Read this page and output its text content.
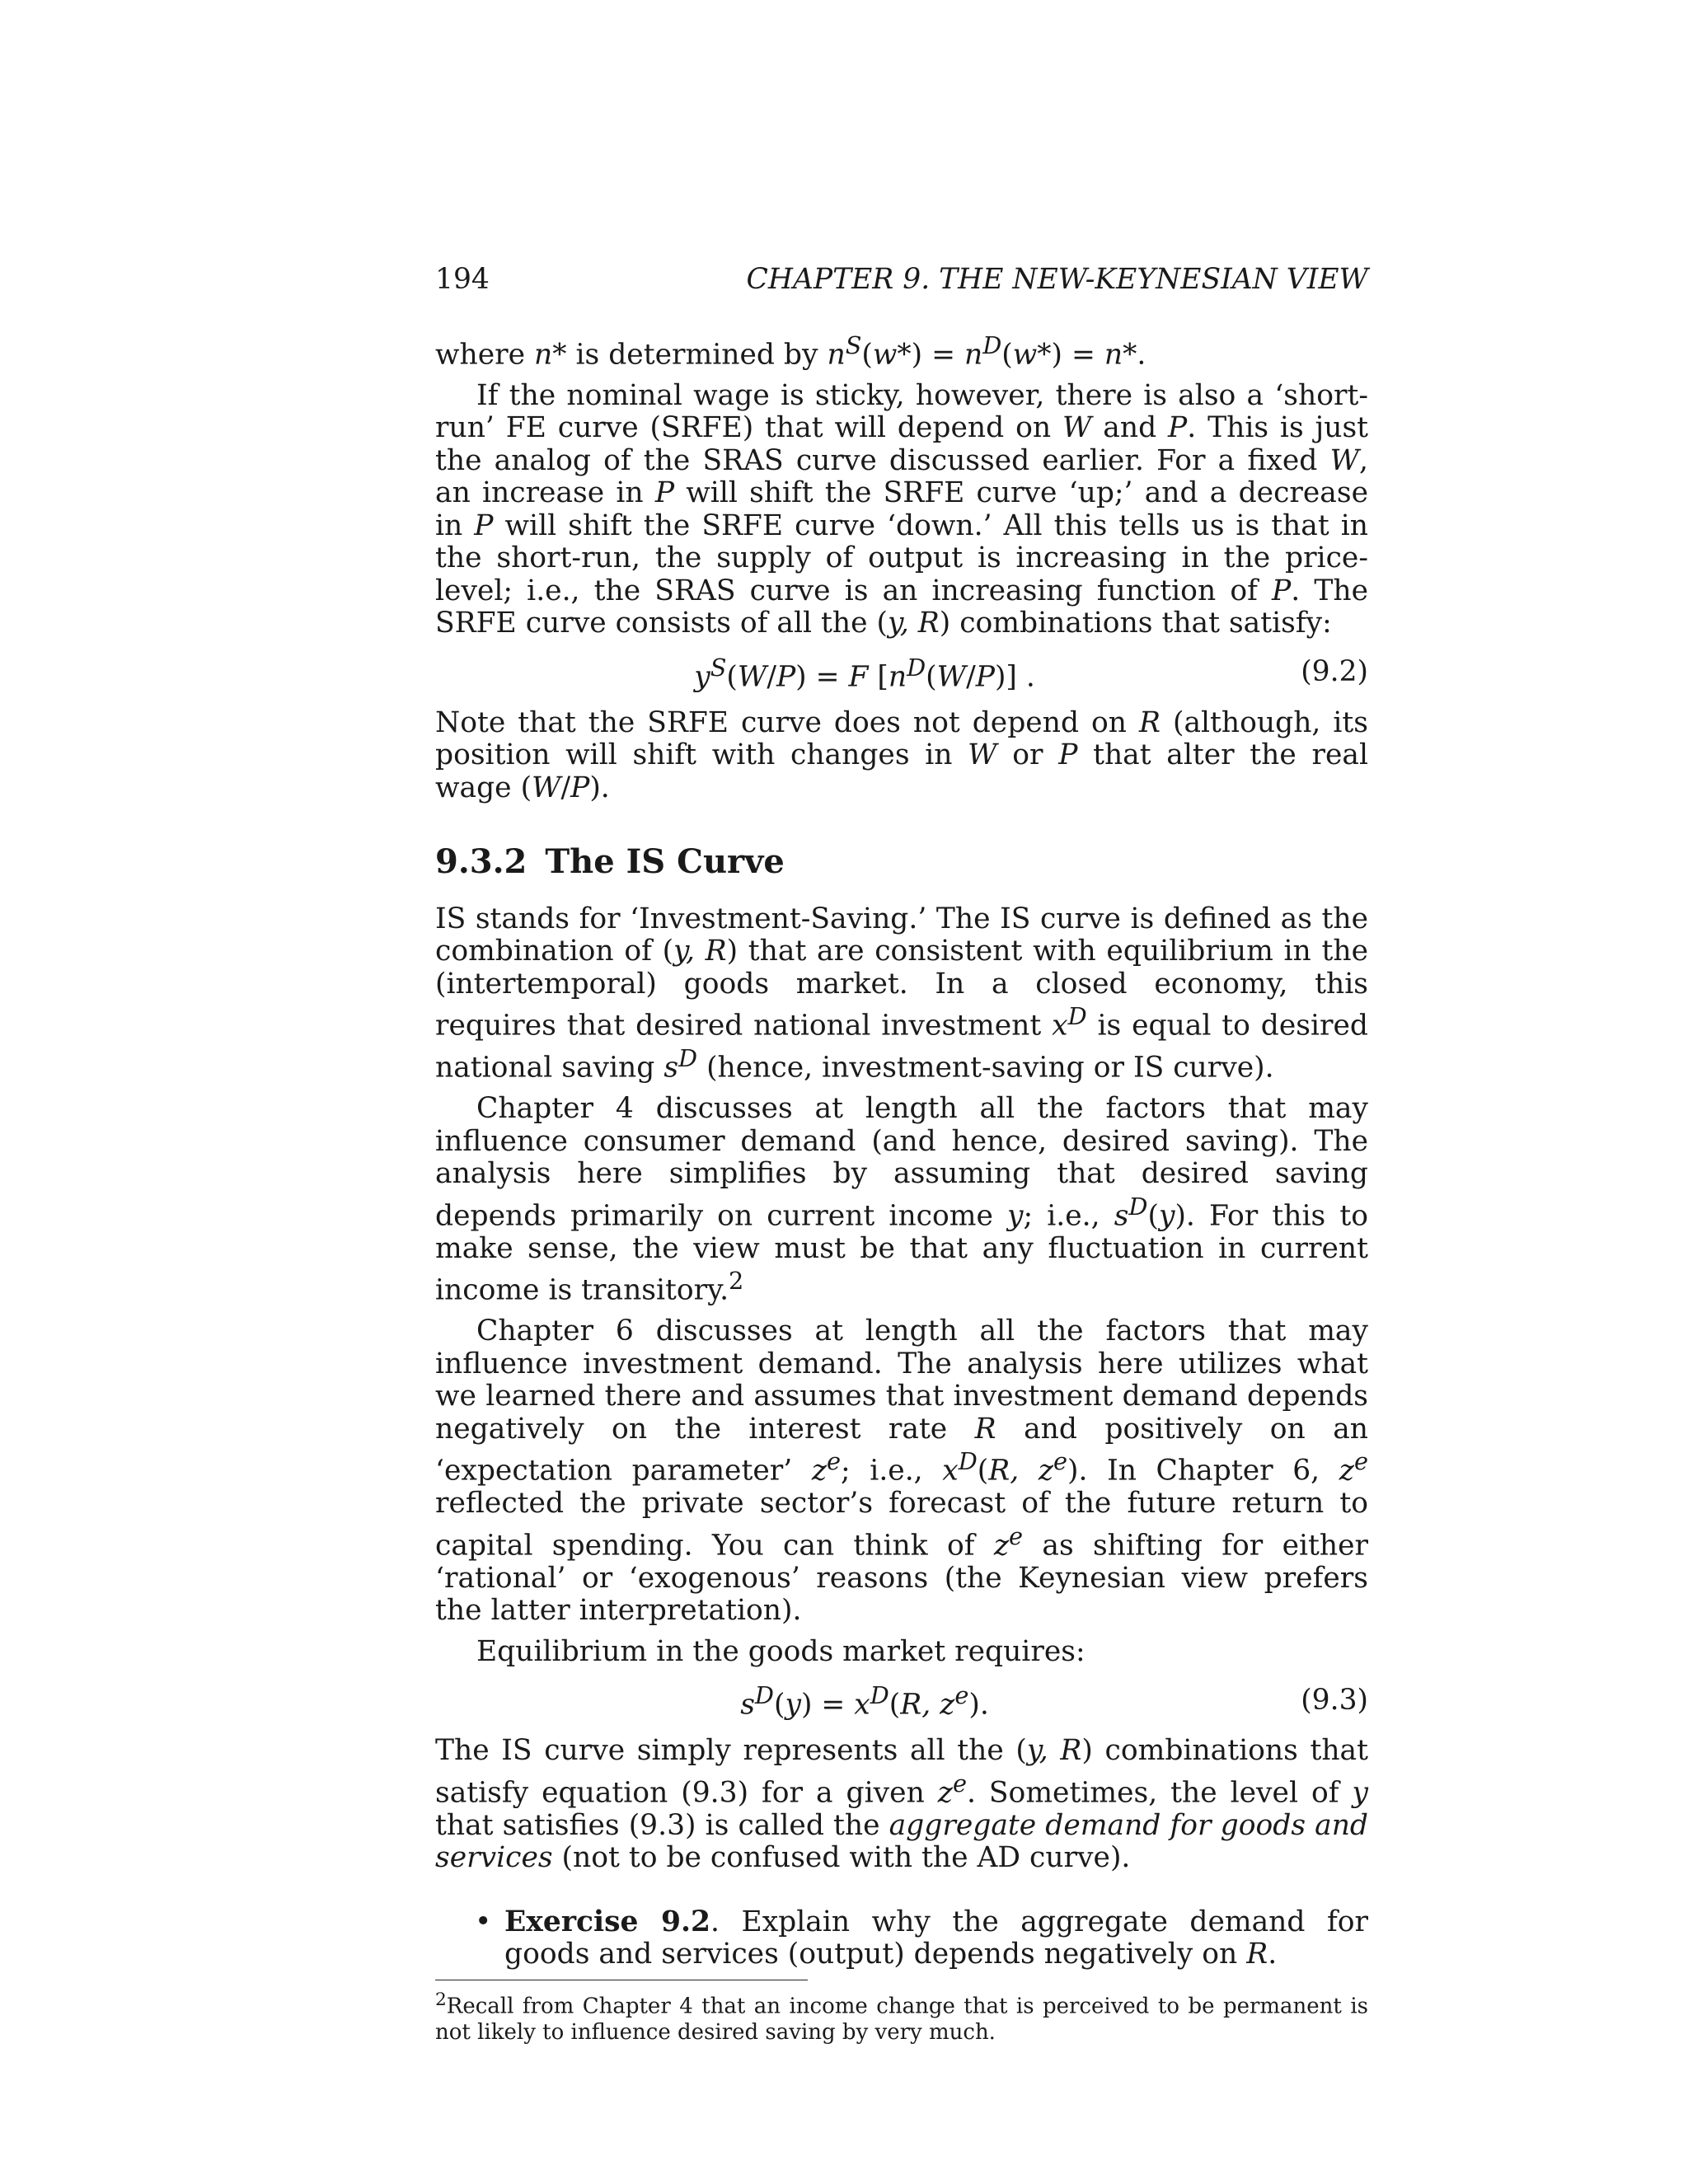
194	CHAPTER 9. THE NEW-KEYNESIAN VIEW

where n* is determined by $n^S(w*) = n^D(w*) = n*$.

If the nominal wage is sticky, however, there is also a ‘short-run’ FE curve (SRFE) that will depend on W and P. This is just the analog of the SRAS curve discussed earlier. For a fixed W, an increase in P will shift the SRFE curve ‘up;’ and a decrease in P will shift the SRFE curve ‘down.’ All this tells us is that in the short-run, the supply of output is increasing in the price-level; i.e., the SRAS curve is an increasing function of P. The SRFE curve consists of all the (y, R) combinations that satisfy:

$y^S(W/P) = F$ $[n^D(W/P)]$ .	(9.2)

Note that the SRFE curve does not depend on R (although, its position will shift with changes in W or P that alter the real wage (W/P).

9.3.2 The IS Curve

IS stands for ‘Investment-Saving.’ The IS curve is defined as the combination of (y, R) that are consistent with equilibrium in the (intertemporal) goods market. In a closed economy, this requires that desired national investment $x^D$ is equal to desired national saving $s^D$ (hence, investment-saving or IS curve).

Chapter 4 discusses at length all the factors that may influence consumer demand (and hence, desired saving). The analysis here simplifies by assuming that desired saving depends primarily on current income y; i.e., $s^D(y)$. For this to make sense, the view must be that any fluctuation in current income is transitory.$^2$

Chapter 6 discusses at length all the factors that may influence investment demand. The analysis here utilizes what we learned there and assumes that investment demand depends negatively on the interest rate R and positively on an ‘expectation parameter’ $z^e$; i.e., $x^D(R$, $z^e$). In Chapter 6, $z^e$ reflected the private sector’s forecast of the future return to capital spending. You can think of $z^e$ as shifting for either ‘rational’ or ‘exogenous’ reasons (the Keynesian view prefers the latter interpretation).

Equilibrium in the goods market requires:

$s^D(y) = x^D(R$, $z^e$).	(9.3)

The IS curve simply represents all the (y, R) combinations that satisfy equation (9.3) for a given $z^e$. Sometimes, the level of y that satisfies (9.3) is called the aggregate demand for goods and services (not to be confused with the AD curve).

• Exercise 9.2. Explain why the aggregate demand for goods and services (output) depends negatively on R.

$^2$Recall from Chapter 4 that an income change that is perceived to be permanent is not likely to influence desired saving by very much.
